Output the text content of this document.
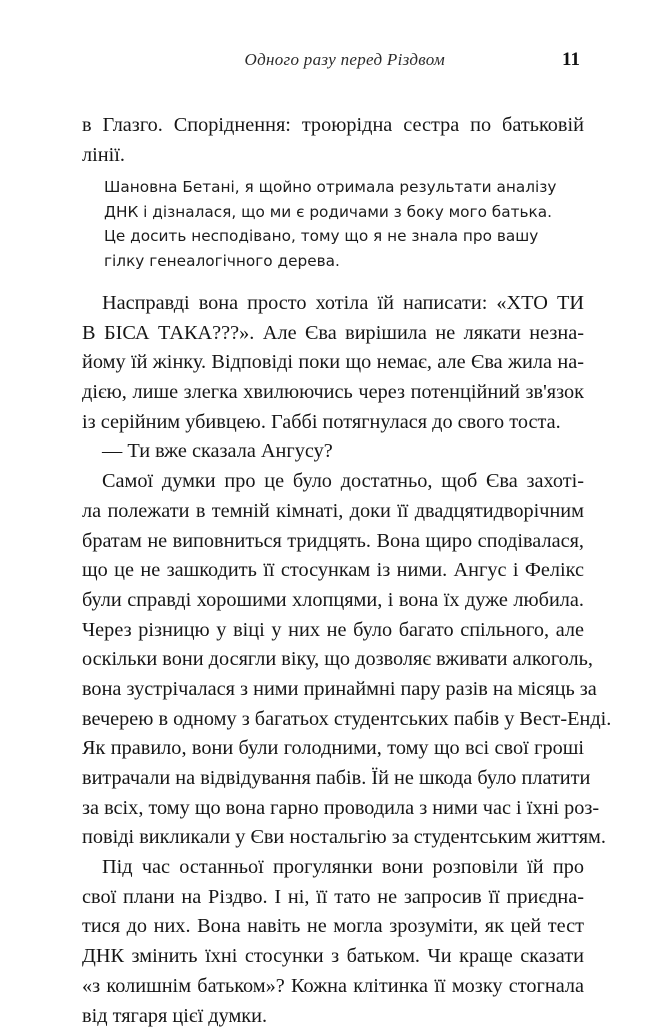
Одного разу перед Різдвом	11
в Глазго. Споріднення: троюрідна сестра по батьковій
лінії.
Шановна Бетані, я щойно отримала результати аналізу
ДНК і дізналася, що ми є родичами з боку мого батька.
Це досить несподівано, тому що я не знала про вашу
гілку генеалогічного дерева.
Насправді вона просто хотіла їй написати: «ХТО ТИ
В БІСА ТАКА???». Але Єва вирішила не лякати незна-
йому їй жінку. Відповіді поки що немає, але Єва жила на-
дією, лише злегка хвилюючись через потенційний зв'язок
із серійним убивцею. Габбі потягнулася до свого тоста.
— Ти вже сказала Ангусу?
Самої думки про це було достатньо, щоб Єва захоті-
ла полежати в темній кімнаті, доки її двадцятидворічним
братам не виповниться тридцять. Вона щиро сподівалася,
що це не зашкодить її стосункам із ними. Ангус і Фелікс
були справді хорошими хлопцями, і вона їх дуже любила.
Через різницю у віці у них не було багато спільного, але
оскільки вони досягли віку, що дозволяє вживати алкоголь,
вона зустрічалася з ними принаймні пару разів на місяць за
вечерею в одному з багатьох студентських пабів у Вест-Енді.
Як правило, вони були голодними, тому що всі свої гроші
витрачали на відвідування пабів. Їй не шкода було платити
за всіх, тому що вона гарно проводила з ними час і їхні роз-
повіді викликали у Єви ностальгію за студентським життям.
Під час останньої прогулянки вони розповіли їй про
свої плани на Різдво. І ні, її тато не запросив її приєдна-
тися до них. Вона навіть не могла зрозуміти, як цей тест
ДНК змінить їхні стосунки з батьком. Чи краще сказати
«з колишнім батьком»? Кожна клітинка її мозку стогнала
від тягаря цієї думки.
